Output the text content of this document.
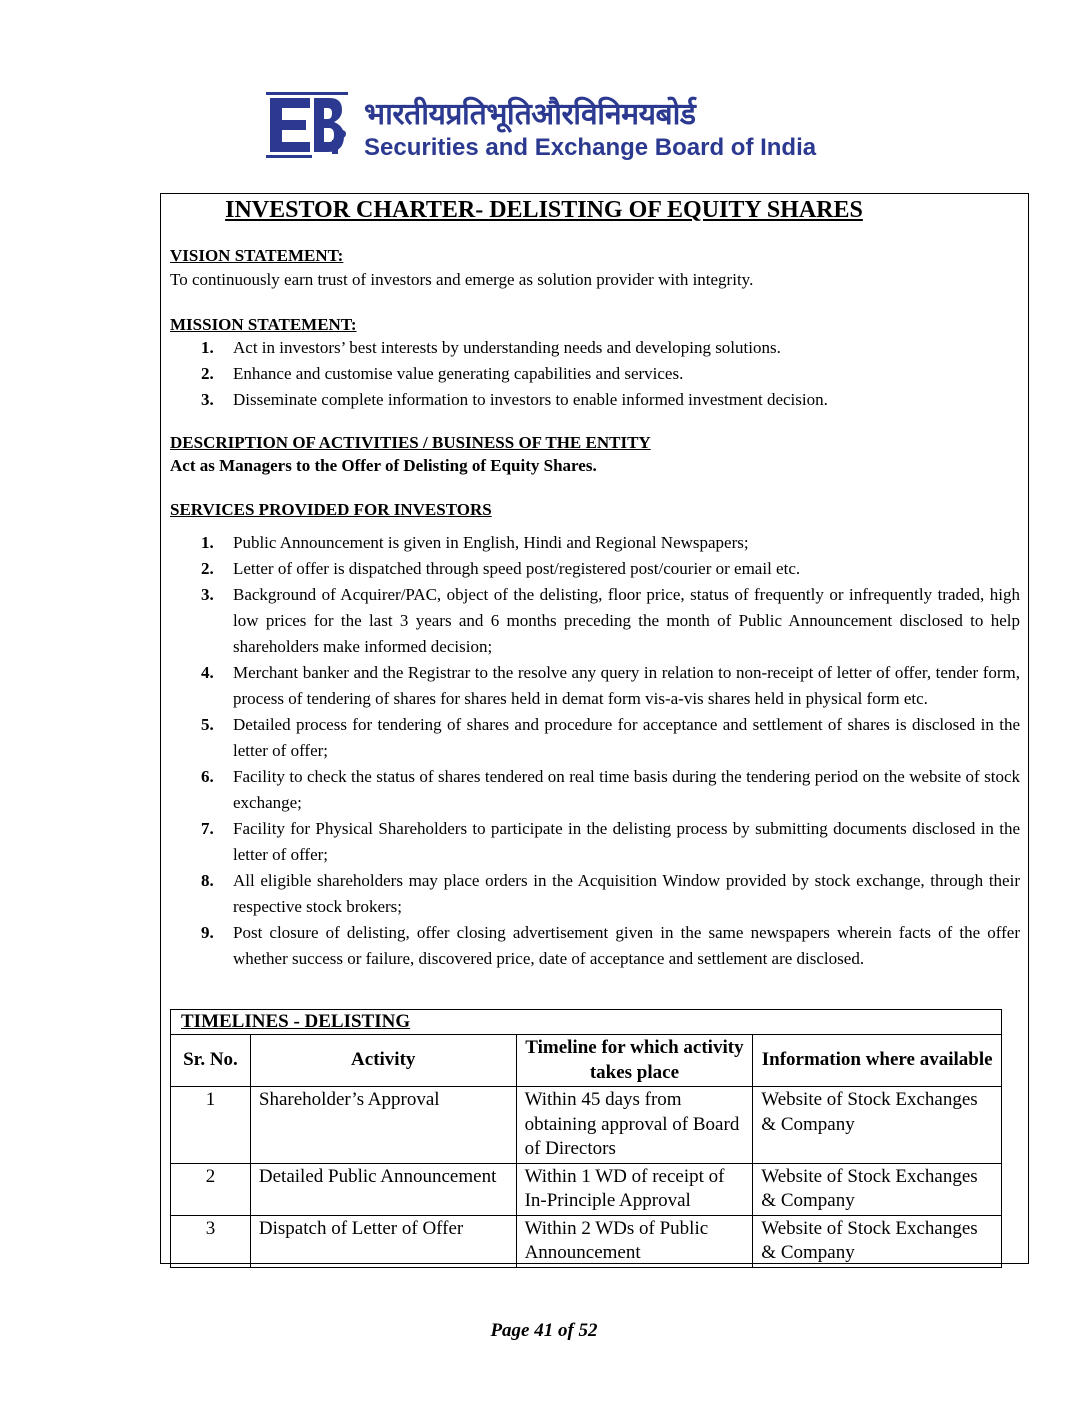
भारतीयप्रतिभूतिऔरविनिमयबोर्ड
Securities and Exchange Board of India
INVESTOR CHARTER- DELISTING OF EQUITY SHARES
VISION STATEMENT:
To continuously earn trust of investors and emerge as solution provider with integrity.
MISSION STATEMENT:
1. Act in investors’ best interests by understanding needs and developing solutions.
2. Enhance and customise value generating capabilities and services.
3. Disseminate complete information to investors to enable informed investment decision.
DESCRIPTION OF ACTIVITIES / BUSINESS OF THE ENTITY
Act as Managers to the Offer of Delisting of Equity Shares.
SERVICES PROVIDED FOR INVESTORS
1. Public Announcement is given in English, Hindi and Regional Newspapers;
2. Letter of offer is dispatched through speed post/registered post/courier or email etc.
3. Background of Acquirer/PAC, object of the delisting, floor price, status of frequently or infrequently traded, high low prices for the last 3 years and 6 months preceding the month of Public Announcement disclosed to help shareholders make informed decision;
4. Merchant banker and the Registrar to the resolve any query in relation to non-receipt of letter of offer, tender form, process of tendering of shares for shares held in demat form vis-a-vis shares held in physical form etc.
5. Detailed process for tendering of shares and procedure for acceptance and settlement of shares is disclosed in the letter of offer;
6. Facility to check the status of shares tendered on real time basis during the tendering period on the website of stock exchange;
7. Facility for Physical Shareholders to participate in the delisting process by submitting documents disclosed in the letter of offer;
8. All eligible shareholders may place orders in the Acquisition Window provided by stock exchange, through their respective stock brokers;
9. Post closure of delisting, offer closing advertisement given in the same newspapers wherein facts of the offer whether success or failure, discovered price, date of acceptance and settlement are disclosed.
TIMELINES - DELISTING			
Sr. No.	Activity	Timeline for which activity takes place	Information where available
1	Shareholder’s Approval	Within 45 days from obtaining approval of Board of Directors	Website of Stock Exchanges & Company
2	Detailed Public Announcement	Within 1 WD of receipt of In-Principle Approval	Website of Stock Exchanges & Company
3	Dispatch of Letter of Offer	Within 2 WDs of Public Announcement	Website of Stock Exchanges & Company
Page 41 of 52
